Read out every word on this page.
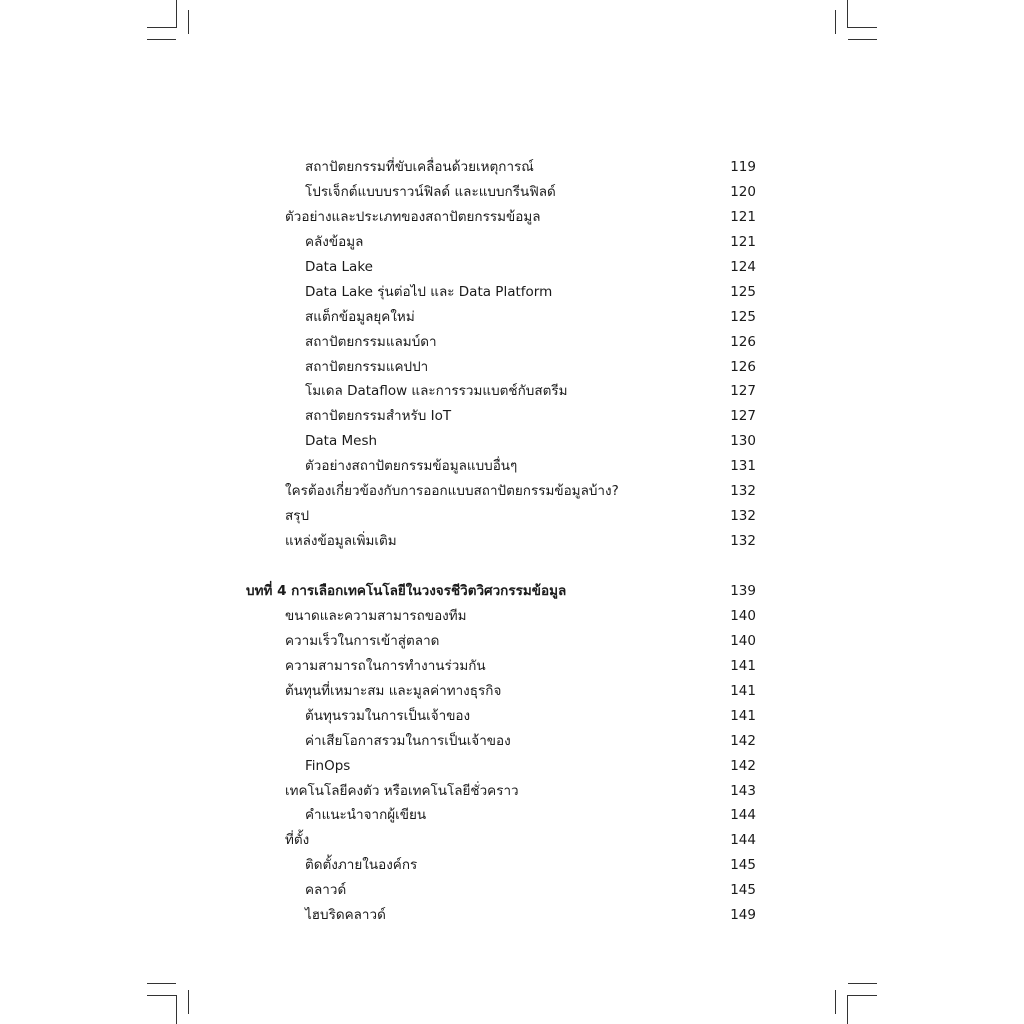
สถาปัตยกรรมที่ขับเคลื่อนด้วยเหตุการณ์	119
โปรเจ็กต์แบบบราวน์ฟิลด์ และแบบกรีนฟิลด์	120
ตัวอย่างและประเภทของสถาปัตยกรรมข้อมูล	121
คลังข้อมูล	121
Data Lake	124
Data Lake รุ่นต่อไป และ Data Platform	125
สแต็กข้อมูลยุคใหม่	125
สถาปัตยกรรมแลมบ์ดา	126
สถาปัตยกรรมแคปปา	126
โมเดล Dataflow และการรวมแบตช์กับสตรีม	127
สถาปัตยกรรมสำหรับ IoT	127
Data Mesh	130
ตัวอย่างสถาปัตยกรรมข้อมูลแบบอื่นๆ	131
ใครต้องเกี่ยวข้องกับการออกแบบสถาปัตยกรรมข้อมูลบ้าง?	132
สรุป	132
แหล่งข้อมูลเพิ่มเติม	132
บทที่ 4 การเลือกเทคโนโลยีในวงจรชีวิตวิศวกรรมข้อมูล	139
ขนาดและความสามารถของทีม	140
ความเร็วในการเข้าสู่ตลาด	140
ความสามารถในการทำงานร่วมกัน	141
ต้นทุนที่เหมาะสม และมูลค่าทางธุรกิจ	141
ต้นทุนรวมในการเป็นเจ้าของ	141
ค่าเสียโอกาสรวมในการเป็นเจ้าของ	142
FinOps	142
เทคโนโลยีคงตัว หรือเทคโนโลยีชั่วคราว	143
คำแนะนำจากผู้เขียน	144
ที่ตั้ง	144
ติดตั้งภายในองค์กร	145
คลาวด์	145
ไฮบริดคลาวด์	149
